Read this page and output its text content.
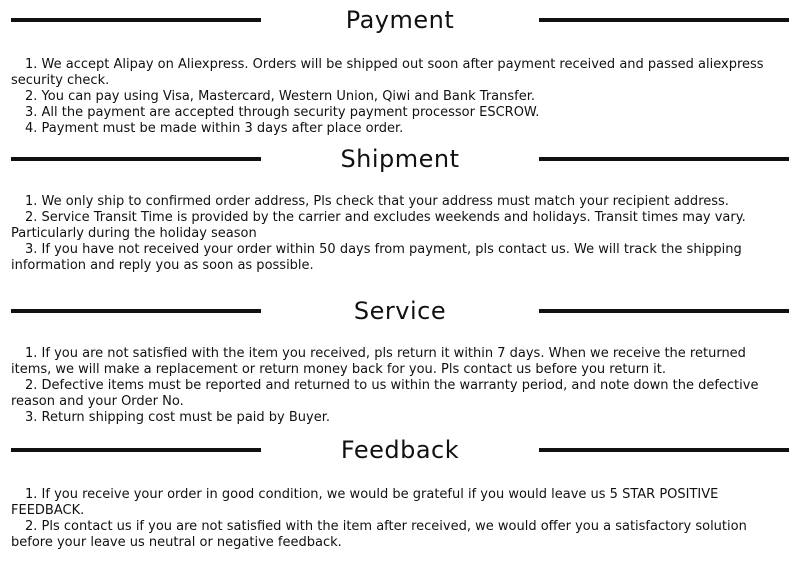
Payment

1. We accept Alipay on Aliexpress. Orders will be shipped out soon after payment received and passed aliexpress
security check.

2. You can pay using Visa, Mastercard, Western Union, Qiwi and Bank Transfer.

3. All the payment are accepted through security payment processor ESCROW.

4. Payment must be made within 3 days after place order.

Shipment

1. We only ship to confirmed order address, Pls check that your address must match your recipient address.

2. Service Transit Time is provided by the carrier and excludes weekends and holidays. Transit times may vary.
Particularly during the holiday season

3. If you have not received your order within 50 days from payment, pls contact us. We will track the shipping
information and reply you as soon as possible.

Service

1. If you are not satisfied with the item you received, pls return it within 7 days. When we receive the returned
items, we will make a replacement or return money back for you. Pls contact us before you return it.

2. Defective items must be reported and returned to us within the warranty period, and note down the defective
reason and your Order No.

3. Return shipping cost must be paid by Buyer.

Feedback

1. If you receive your order in good condition, we would be grateful if you would leave us 5 STAR POSITIVE
FEEDBACK.

2. Pls contact us if you are not satisfied with the item after received, we would offer you a satisfactory solution
before your leave us neutral or negative feedback.
